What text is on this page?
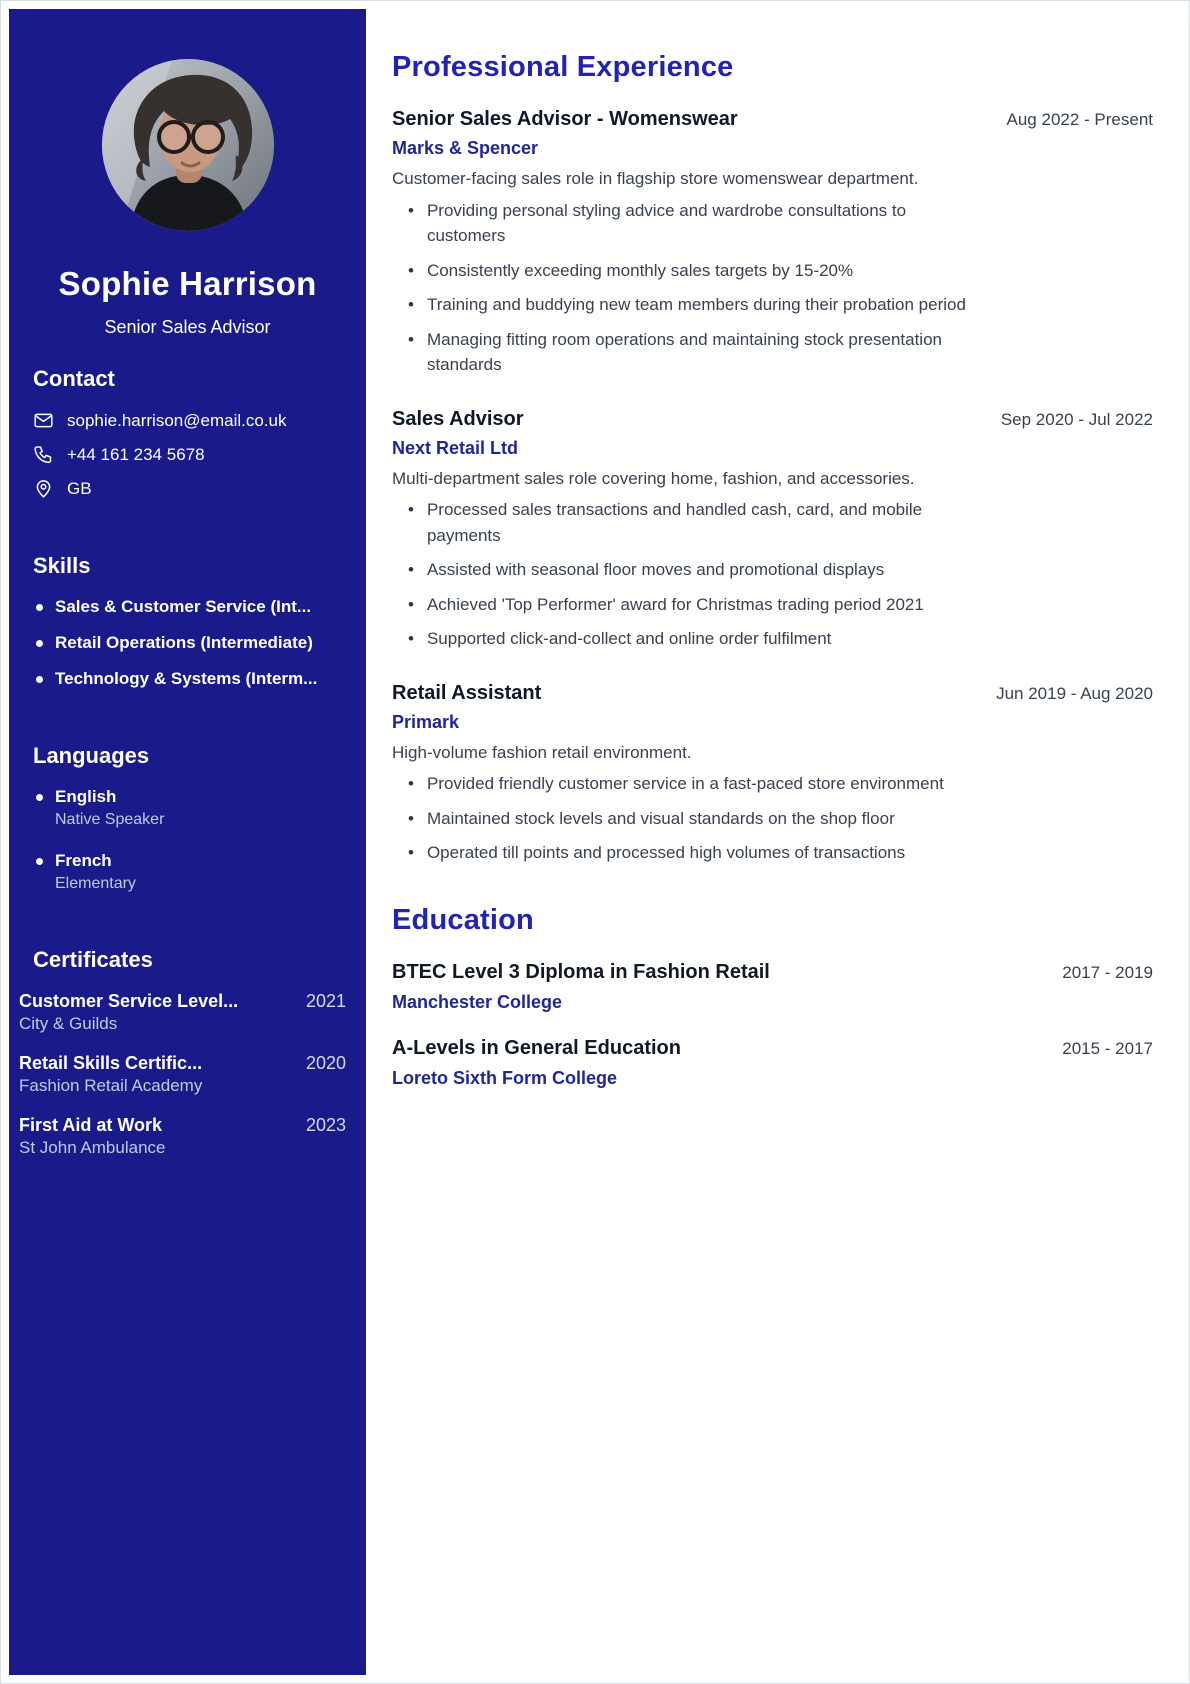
Sophie Harrison
Senior Sales Advisor
Contact
sophie.harrison@email.co.uk
+44 161 234 5678
GB
Skills
Sales & Customer Service (Int...
Retail Operations (Intermediate)
Technology & Systems (Interm...
Languages
English
Native Speaker
French
Elementary
Certificates
Customer Service Level...	2021
City & Guilds
Retail Skills Certific...	2020
Fashion Retail Academy
First Aid at Work	2023
St John Ambulance
Professional Experience
Senior Sales Advisor - Womenswear	Aug 2022 - Present
Marks & Spencer

Customer-facing sales role in flagship store womenswear department.

• Providing personal styling advice and wardrobe consultations to customers
• Consistently exceeding monthly sales targets by 15-20%
• Training and buddying new team members during their probation period
• Managing fitting room operations and maintaining stock presentation standards
Sales Advisor	Sep 2020 - Jul 2022
Next Retail Ltd

Multi-department sales role covering home, fashion, and accessories.

• Processed sales transactions and handled cash, card, and mobile payments
• Assisted with seasonal floor moves and promotional displays
• Achieved 'Top Performer' award for Christmas trading period 2021
• Supported click-and-collect and online order fulfilment
Retail Assistant	Jun 2019 - Aug 2020
Primark

High-volume fashion retail environment.

• Provided friendly customer service in a fast-paced store environment
• Maintained stock levels and visual standards on the shop floor
• Operated till points and processed high volumes of transactions
Education
BTEC Level 3 Diploma in Fashion Retail	2017 - 2019
Manchester College
A-Levels in General Education	2015 - 2017
Loreto Sixth Form College
